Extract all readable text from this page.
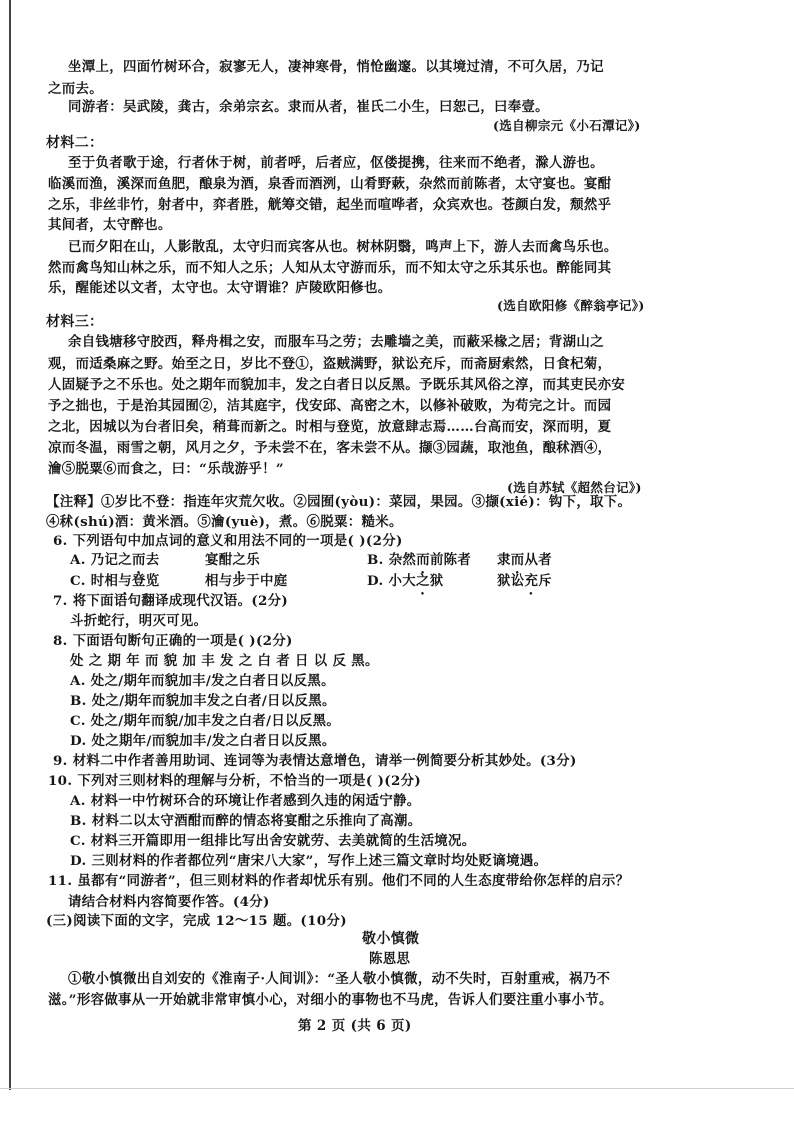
坐潭上，四面竹树环合，寂寥无人，凄神寒骨，悄怆幽邃。以其境过清，不可久居，乃记
之而去。
同游者：吴武陵，龚古，余弟宗玄。隶而从者，崔氏二小生，曰恕己，曰奉壹。
(选自柳宗元《小石潭记》)
材料二：
至于负者歌于途，行者休于树，前者呼，后者应，伛偻提携，往来而不绝者，滁人游也。
临溪而渔，溪深而鱼肥，酿泉为酒，泉香而酒洌，山肴野蔌，杂然而前陈者，太守宴也。宴酣
之乐，非丝非竹，射者中，弈者胜，觥筹交错，起坐而喧哗者，众宾欢也。苍颜白发，颓然乎
其间者，太守醉也。
已而夕阳在山，人影散乱，太守归而宾客从也。树林阴翳，鸣声上下，游人去而禽鸟乐也。
然而禽鸟知山林之乐，而不知人之乐；人知从太守游而乐，而不知太守之乐其乐也。醉能同其
乐，醒能述以文者，太守也。太守谓谁？庐陵欧阳修也。
(选自欧阳修《醉翁亭记》)
材料三：
余自钱塘移守胶西，释舟楫之安，而服车马之劳；去雕墙之美，而蔽采椽之居；背湖山之
观，而适桑麻之野。始至之日，岁比不登①，盗贼满野，狱讼充斥，而斋厨索然，日食杞菊，
人固疑予之不乐也。处之期年而貌加丰，发之白者日以反黑。予既乐其风俗之淳，而其吏民亦安
予之拙也，于是治其园囿②，洁其庭宇，伐安邱、高密之木，以修补破败，为苟完之计。而园
之北，因城以为台者旧矣，稍葺而新之。时相与登览，放意肆志焉……台高而安，深而明，夏
凉而冬温，雨雪之朝，风月之夕，予未尝不在，客未尝不从。撷③园蔬，取池鱼，酿秫酒④，
瀹⑤脱粟⑥而食之，曰：“乐哉游乎！”
(选自苏轼《超然台记》)
【注释】①岁比不登：指连年灾荒欠收。②园囿(yòu)：菜园，果园。③撷(xié)：钩下，取下。
④秫(shú)酒：黄米酒。⑤瀹(yuè)，煮。⑥脱粟：糙米。
6. 下列语句中加点词的意义和用法不同的一项是( )(2分)
A. 乃记之而去	宴酣之乐	B. 杂然而前陈者 隶而从者
C. 时相与登览	相与步于中庭	D. 小大之狱	狱讼充斥
7. 将下面语句翻译成现代汉语。(2分)
斗折蛇行，明灭可见。
8. 下面语句断句正确的一项是( )(2分)
处 之 期 年 而 貌 加 丰 发 之 白 者 日 以 反 黑。
A. 处之/期年而貌加丰/发之白者日以反黑。
B. 处之/期年而貌加丰发之白者/日以反黑。
C. 处之/期年而貌/加丰发之白者/日以反黑。
D. 处之期年/而貌加丰/发之白者日以反黑。
9. 材料二中作者善用助词、连词等为表情达意增色，请举一例简要分析其妙处。(3分)
10. 下列对三则材料的理解与分析，不恰当的一项是( )(2分)
A. 材料一中竹树环合的环境让作者感到久违的闲适宁静。
B. 材料二以太守酒酣而醉的情态将宴酣之乐推向了高潮。
C. 材料三开篇即用一组排比写出舍安就劳、去美就简的生活境况。
D. 三则材料的作者都位列“唐宋八大家”，写作上述三篇文章时均处贬谪境遇。
11. 虽都有“同游者”，但三则材料的作者却忧乐有别。他们不同的人生态度带给你怎样的启示？
请结合材料内容简要作答。(4分)
(三)阅读下面的文字，完成 12～15 题。(10分)
敬小慎微
陈恩思
①敬小慎微出自刘安的《淮南子·人间训》：“圣人敬小慎微，动不失时，百射重戒，祸乃不
滋。”形容做事从一开始就非常审慎小心，对细小的事物也不马虎，告诉人们要注重小事小节。
第 2 页 (共 6 页)
